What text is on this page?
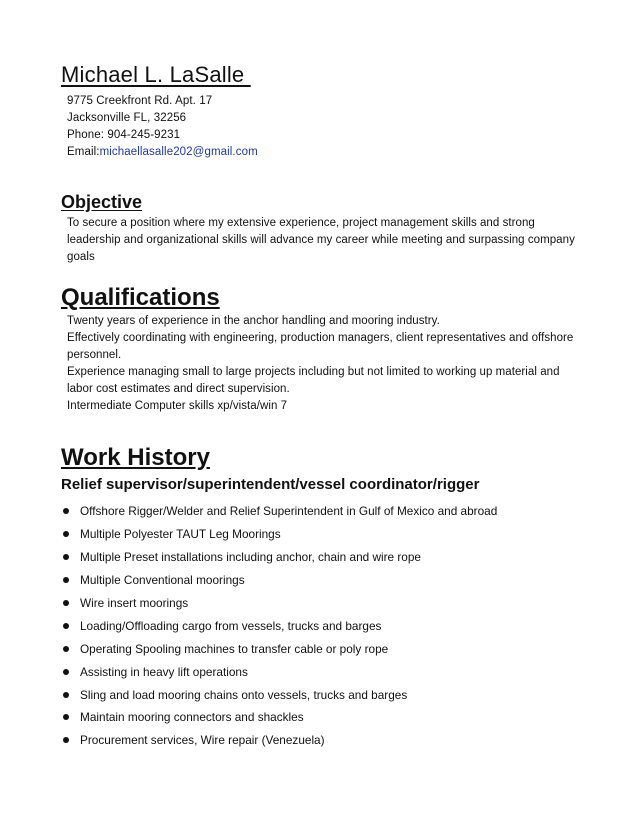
Michael L. LaSalle
9775 Creekfront Rd. Apt. 17
Jacksonville FL, 32256
Phone: 904-245-9231
Email:michaellasalle202@gmail.com
Objective
To secure a position where my extensive experience, project management skills and strong leadership and organizational skills will advance my career while meeting and surpassing company goals
Qualifications
Twenty years of experience in the anchor handling and mooring industry.
Effectively coordinating with engineering, production managers, client representatives and offshore personnel.
Experience managing small to large projects including but not limited to working up material and labor cost estimates and direct supervision.
Intermediate Computer skills xp/vista/win 7
Work History
Relief supervisor/superintendent/vessel coordinator/rigger
Offshore Rigger/Welder and Relief Superintendent in Gulf of Mexico and abroad
Multiple Polyester TAUT Leg Moorings
Multiple Preset installations including anchor, chain and wire rope
Multiple Conventional moorings
Wire insert moorings
Loading/Offloading cargo from vessels, trucks and barges
Operating Spooling machines to transfer cable or poly rope
Assisting in heavy lift operations
Sling and load mooring chains onto vessels, trucks and barges
Maintain mooring connectors and shackles
Procurement services, Wire repair (Venezuela)
